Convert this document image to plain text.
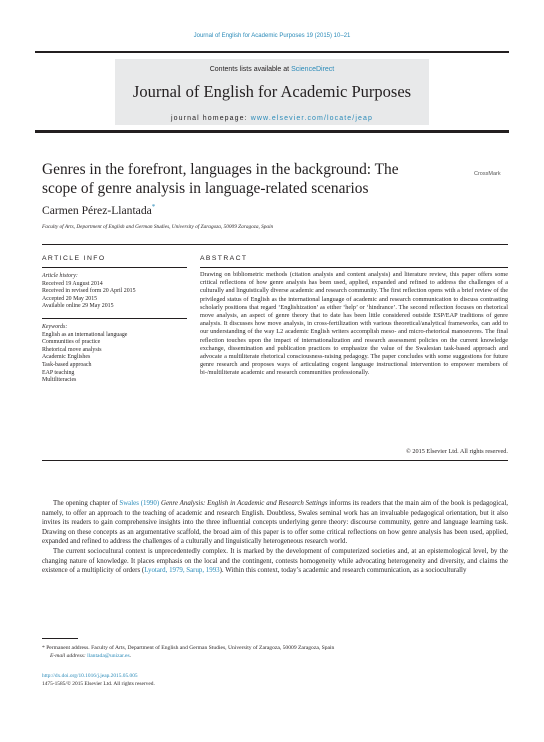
Journal of English for Academic Purposes 19 (2015) 10–21
Contents lists available at ScienceDirect
Journal of English for Academic Purposes
journal homepage: www.elsevier.com/locate/jeap
Genres in the forefront, languages in the background: The
scope of genre analysis in language-related scenarios
CrossMark
Carmen Pérez-Llantada*
Faculty of Arts, Department of English and German Studies, University of Zaragoza, 50009 Zaragoza, Spain
ARTICLE INFO	ABSTRACT
Article history:
Received 19 August 2014
Received in revised form 20 April 2015
Accepted 20 May 2015
Available online 29 May 2015
Keywords:
English as an international language
Communities of practice
Rhetorical move analysis
Academic Englishes
Task-based approach
EAP teaching
Multiliteracies
Drawing on bibliometric methods (citation analysis and content analysis) and literature review, this paper offers some critical reflections of how genre analysis has been used, applied, expanded and refined to address the challenges of a culturally and linguistically diverse academic and research community. The first reflection opens with a brief review of the privileged status of English as the international language of academic and research communication to discuss contrasting scholarly positions that regard ‘Englishization’ as either ‘help’ or ‘hindrance’. The second reflection focuses on rhetorical move analysis, an aspect of genre theory that to date has been little considered outside ESP/EAP traditions of genre analysis. It discusses how move analysis, in cross-fertilization with various theoretical/analytical frameworks, can add to our understanding of the way L2 academic English writers accomplish meso- and micro-rhetorical manoeuvres. The final reflection touches upon the impact of internationalization and research assessment policies on the current knowledge exchange, dissemination and publication practices to emphasize the value of the Swalesian task-based approach and advocate a multiliterate rhetorical consciousness-raising pedagogy. The paper concludes with some suggestions for future genre research and proposes ways of articulating cogent language instructional intervention to empower members of bi-/multiliterate academic and research communities professionally.
© 2015 Elsevier Ltd. All rights reserved.

The opening chapter of Swales (1990) Genre Analysis: English in Academic and Research Settings informs its readers that the main aim of the book is pedagogical, namely, to offer an approach to the teaching of academic and research English. Doubtless, Swales seminal work has an invaluable pedagogical orientation, but it also invites its readers to gain comprehensive insights into the three influential concepts underlying genre theory: discourse community, genre and language learning task. Drawing on these concepts as an argumentative scaffold, the broad aim of this paper is to offer some critical reflections on how genre analysis has been used, applied, expanded and refined to address the challenges of a culturally and linguistically heterogeneous research world.

The current sociocultural context is unprecedentedly complex. It is marked by the development of computerized societies and, at an epistemological level, by the changing nature of knowledge. It places emphasis on the local and the contingent, contests homogeneity while advocating heterogeneity and diversity, and claims the existence of a multiplicity of orders (Lyotard, 1979, Sarup, 1993). Within this context, today’s academic and research communication, as a socioculturally

* Permanent address. Faculty of Arts, Department of English and German Studies, University of Zaragoza, 50009 Zaragoza, Spain
E-mail address: llantada@unizar.es.
http://dx.doi.org/10.1016/j.jeap.2015.05.005
1475-1585/© 2015 Elsevier Ltd. All rights reserved.
